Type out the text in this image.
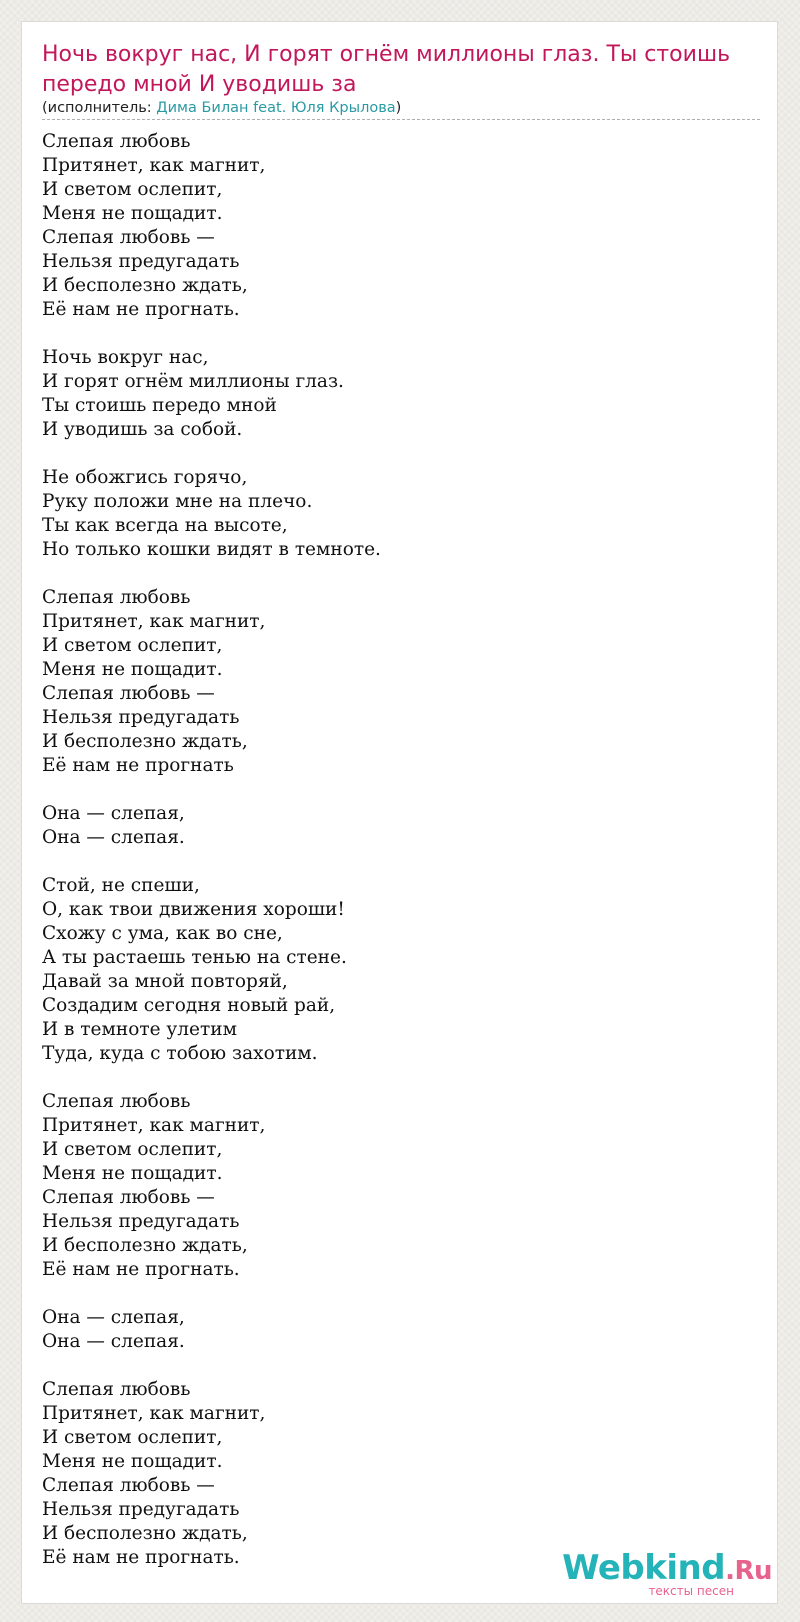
Ночь вокруг нас, И горят огнём миллионы глаз. Ты стоишь передо мной И уводишь за
(исполнитель: Дима Билан feat. Юля Крылова)
Слепая любовь
Притянет, как магнит,
И светом ослепит,
Меня не пощадит.
Слепая любовь —
Нельзя предугадать
И бесполезно ждать,
Её нам не прогнать.
Ночь вокруг нас,
И горят огнём миллионы глаз.
Ты стоишь передо мной
И уводишь за собой.
Не обожгись горячо,
Руку положи мне на плечо.
Ты как всегда на высоте,
Но только кошки видят в темноте.
Слепая любовь
Притянет, как магнит,
И светом ослепит,
Меня не пощадит.
Слепая любовь —
Нельзя предугадать
И бесполезно ждать,
Её нам не прогнать
Она — слепая,
Она — слепая.
Стой, не спеши,
О, как твои движения хороши!
Схожу с ума, как во сне,
А ты растаешь тенью на стене.
Давай за мной повторяй,
Создадим сегодня новый рай,
И в темноте улетим
Туда, куда с тобою захотим.
Слепая любовь
Притянет, как магнит,
И светом ослепит,
Меня не пощадит.
Слепая любовь —
Нельзя предугадать
И бесполезно ждать,
Её нам не прогнать.
Она — слепая,
Она — слепая.
Слепая любовь
Притянет, как магнит,
И светом ослепит,
Меня не пощадит.
Слепая любовь —
Нельзя предугадать
И бесполезно ждать,
Её нам не прогнать.	Webkind.Ru
тексты песен
